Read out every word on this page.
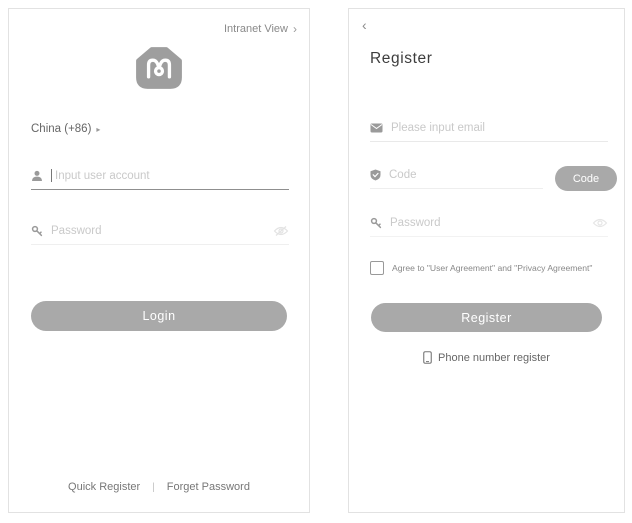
Intranet View ›
China (+86) ▸
Input user account
Login
Quick Register | Forget Password
‹
Register
Please input email
Code
Code
Agree to "User Agreement" and "Privacy Agreement"
Register
Phone number register
